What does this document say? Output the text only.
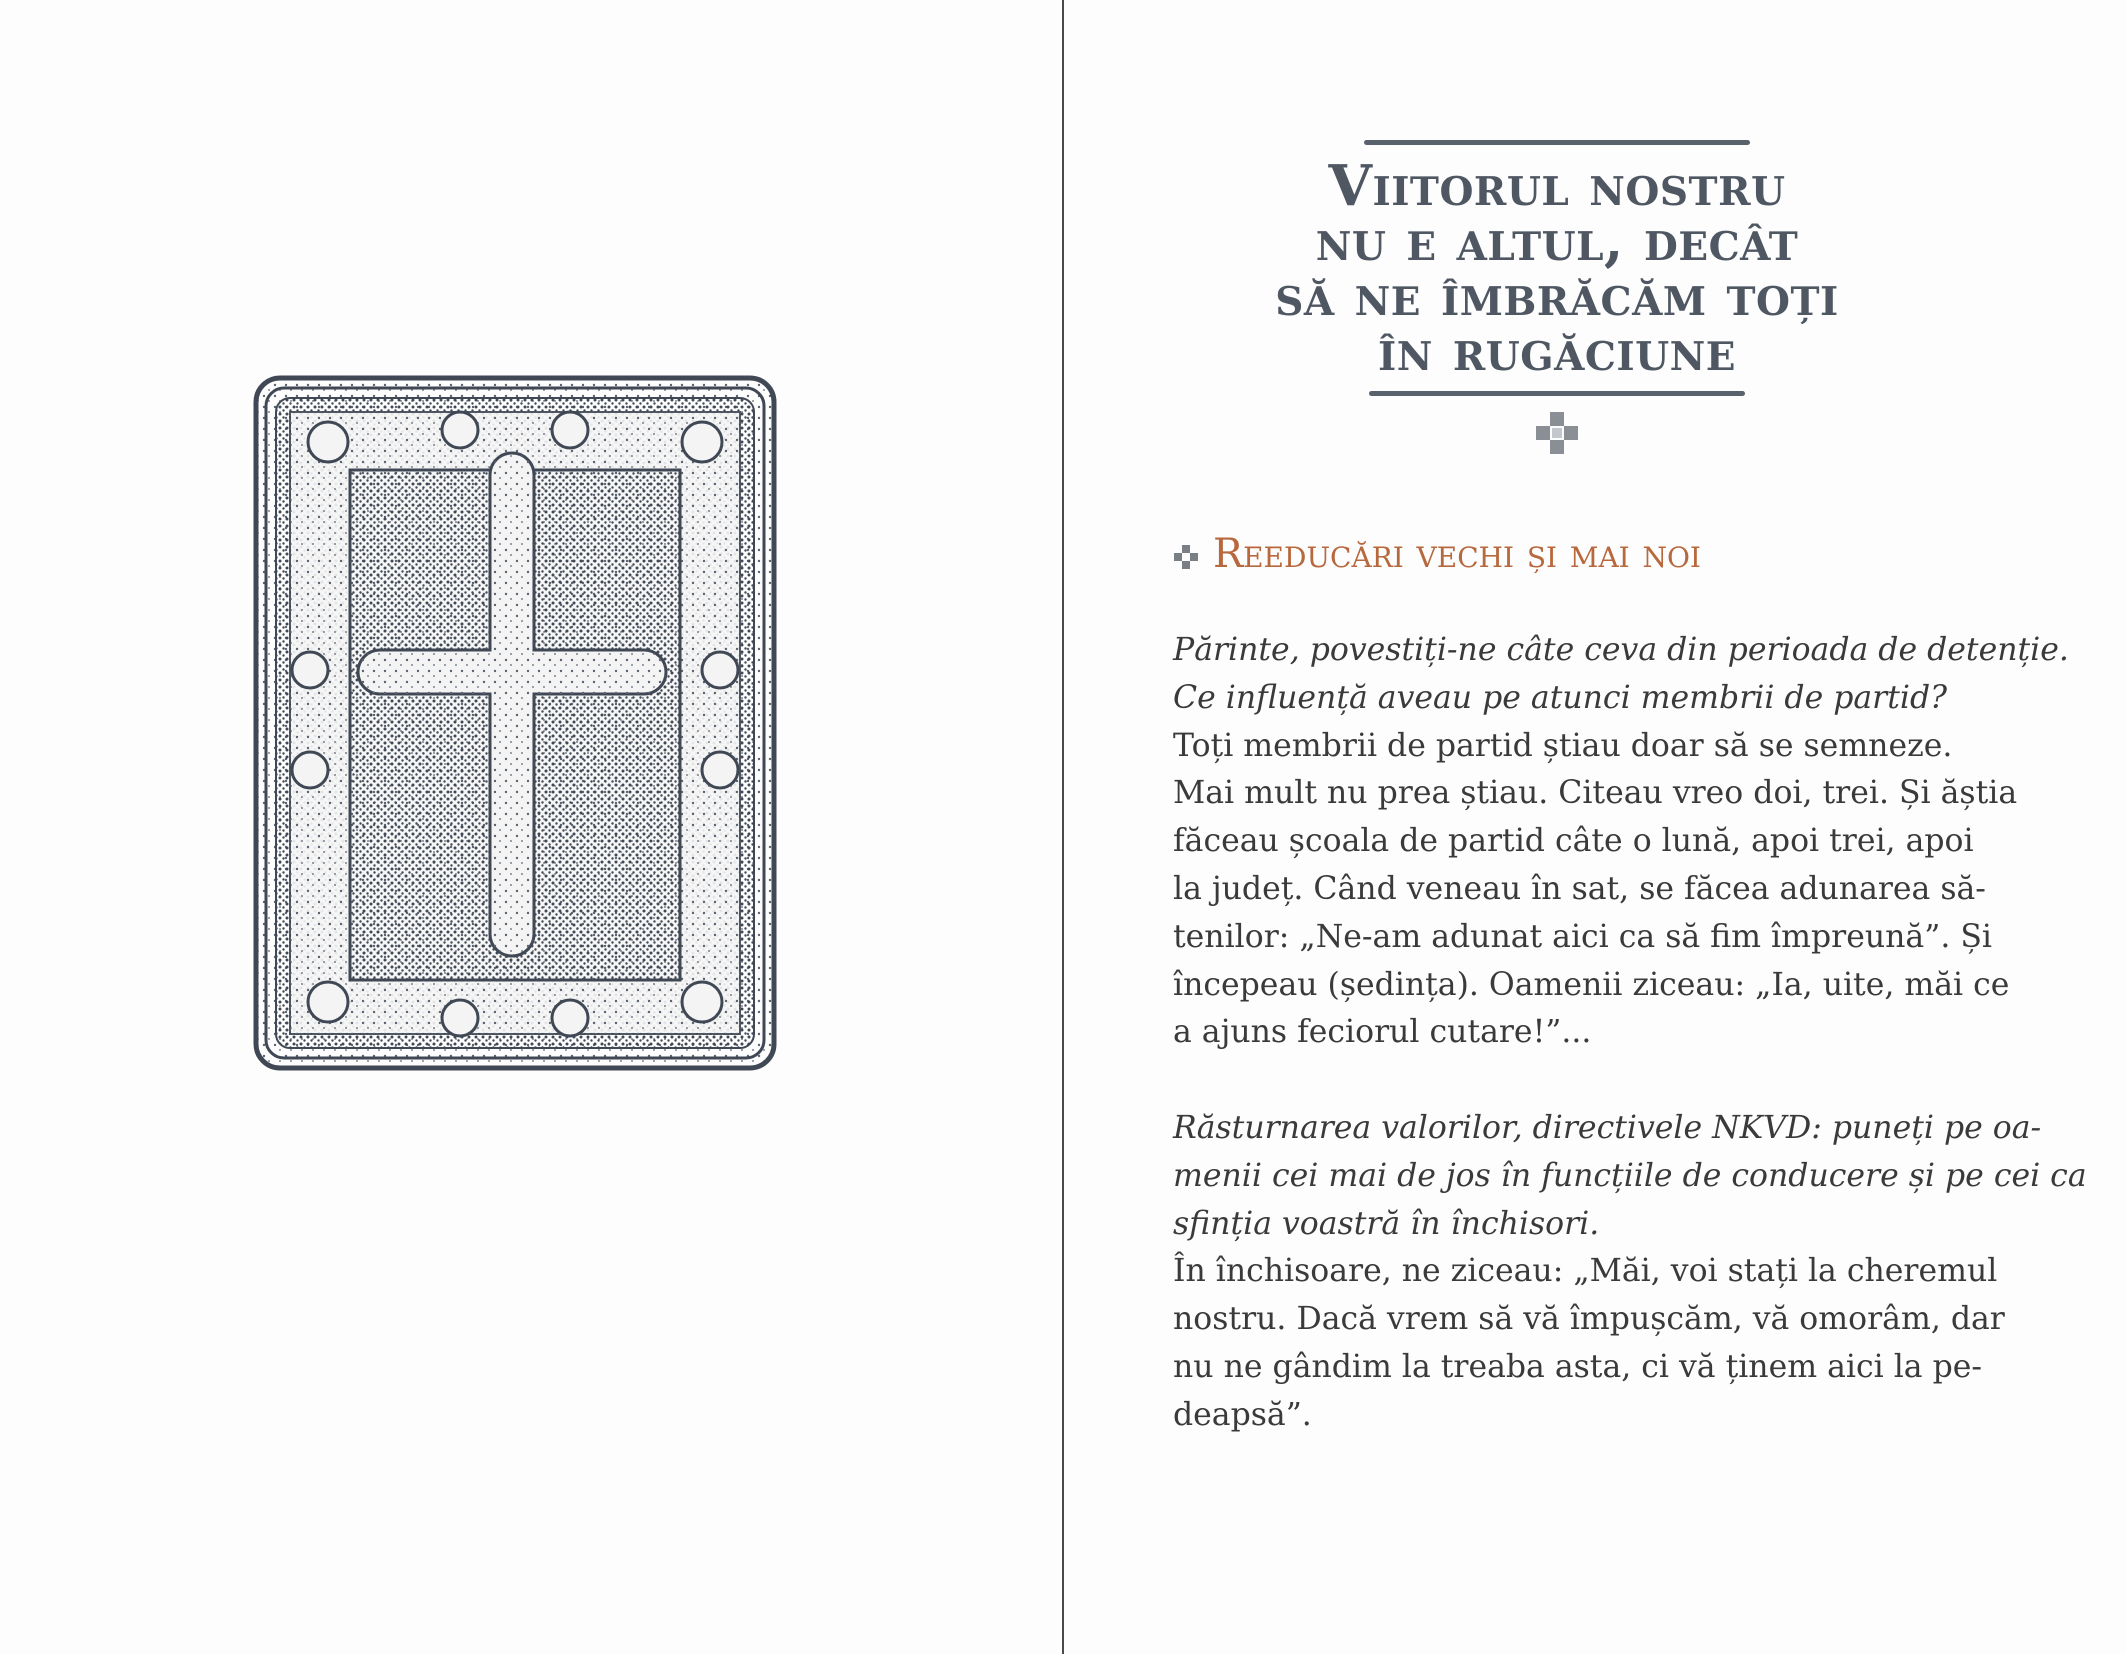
Viitorul nostru
nu e altul, decât
să ne îmbrăcăm toți
în rugăciune
Reeducări vechi și mai noi
Părinte, povestiți-ne câte ceva din perioada de detenție.
Ce influență aveau pe atunci membrii de partid?
Toți membrii de partid știau doar să se semneze.
Mai mult nu prea știau. Citeau vreo doi, trei. Și ăștia
făceau școala de partid câte o lună, apoi trei, apoi
la județ. Când veneau în sat, se făcea adunarea să-
tenilor: „Ne-am adunat aici ca să fim împreună”. Și
începeau (ședința). Oamenii ziceau: „Ia, uite, măi ce
a ajuns feciorul cutare!”...
Răsturnarea valorilor, directivele NKVD: puneți pe oa-
menii cei mai de jos în funcțiile de conducere și pe cei ca
sfinția voastră în închisori.
În închisoare, ne ziceau: „Măi, voi stați la cheremul
nostru. Dacă vrem să vă împușcăm, vă omorâm, dar
nu ne gândim la treaba asta, ci vă ținem aici la pe-
deapsă”.
